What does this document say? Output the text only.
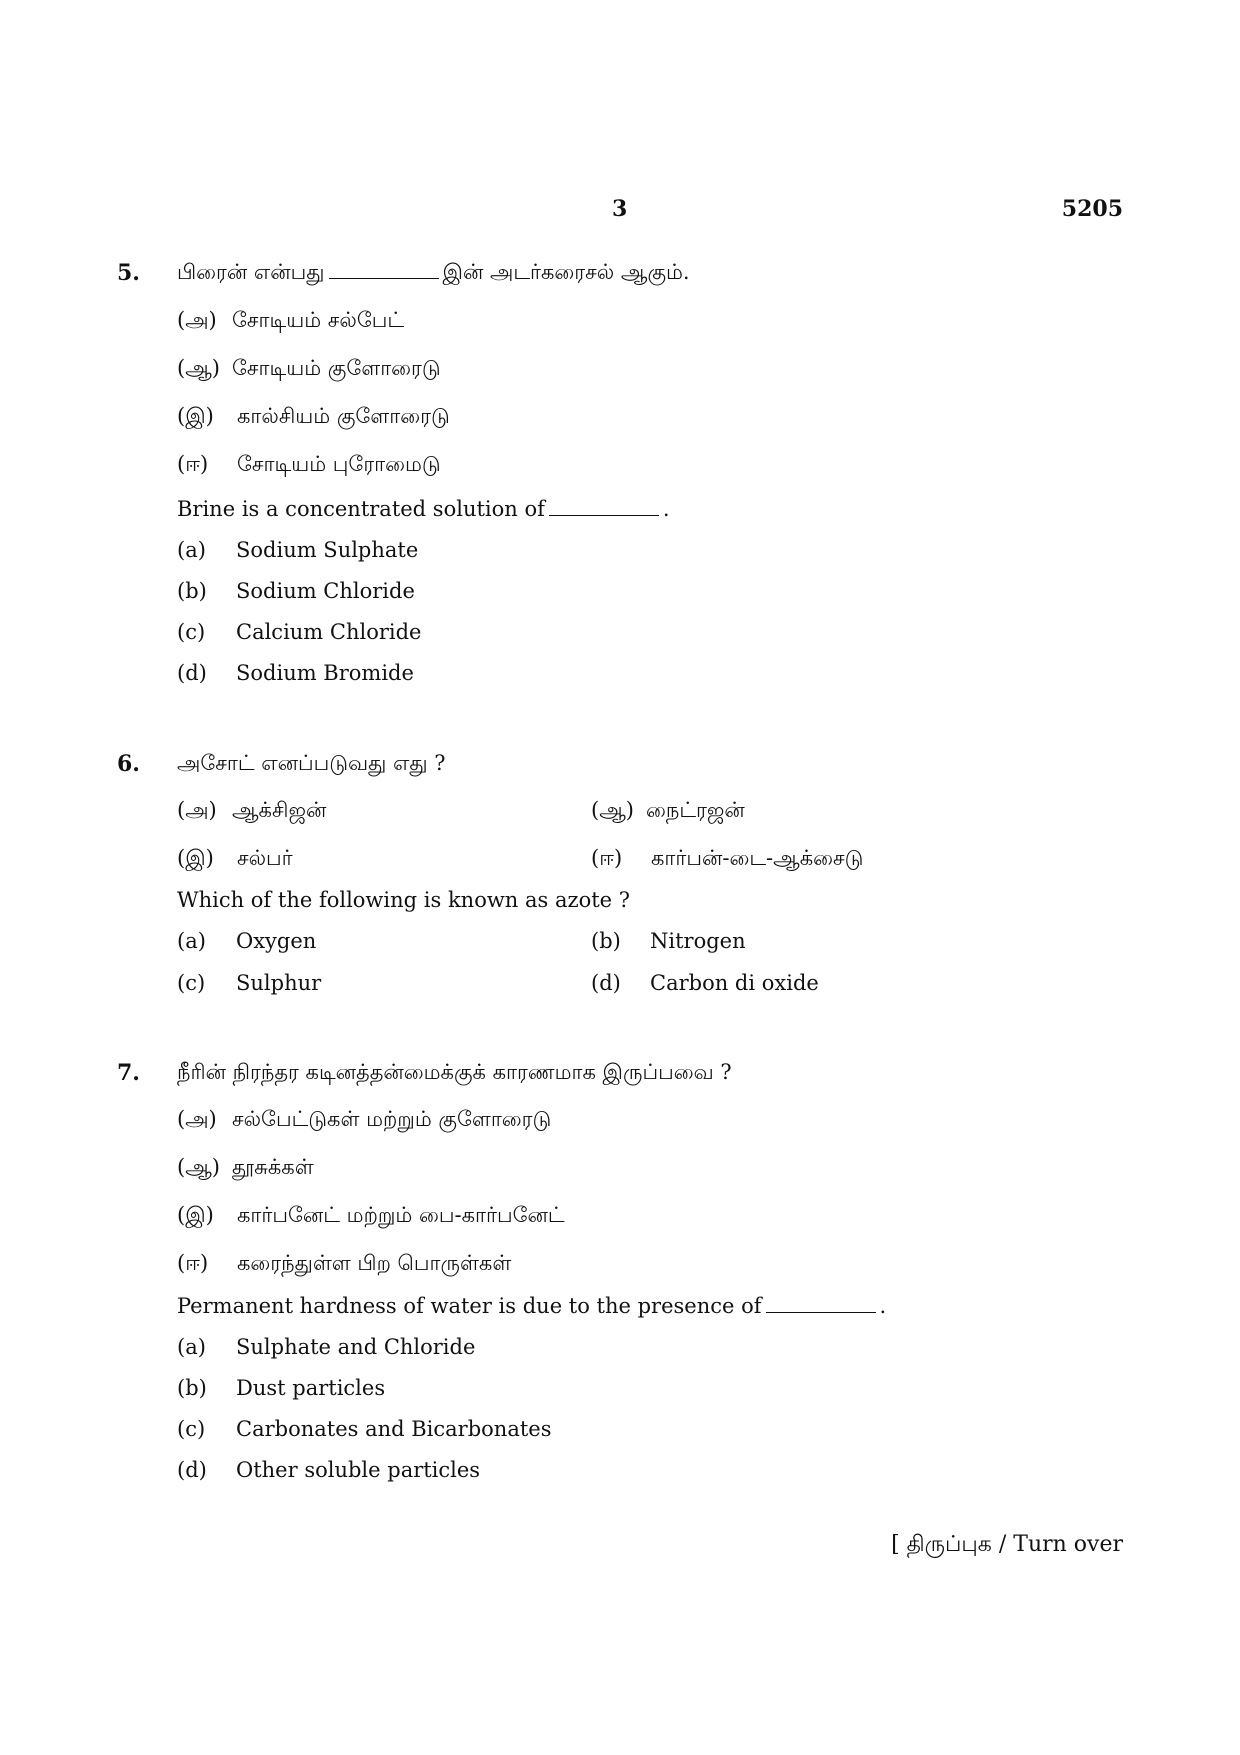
3	5205
5. பிரைன் என்பது	இன் அடர்கரைசல் ஆகும்.
(அ) சோடியம் சல்பேட்
(ஆ) சோடியம் குளோரைடு
(இ) கால்சியம் குளோரைடு
(ஈ) சோடியம் புரோமைடு
Brine is a concentrated solution of	.
(a) Sodium Sulphate
(b) Sodium Chloride
(c) Calcium Chloride
(d) Sodium Bromide
6. அசோட் எனப்படுவது எது ?
(அ) ஆக்சிஜன்	(ஆ) நைட்ரஜன்
(இ) சல்பர்	(ஈ) கார்பன்-டை-ஆக்சைடு
Which of the following is known as azote ?
(a) Oxygen	(b) Nitrogen
(c) Sulphur	(d) Carbon di oxide
7. நீரின் நிரந்தர கடினத்தன்மைக்குக் காரணமாக இருப்பவை ?
(அ) சல்பேட்டுகள் மற்றும் குளோரைடு
(ஆ) தூசுக்கள்
(இ) கார்பனேட் மற்றும் பை-கார்பனேட்
(ஈ) கரைந்துள்ள பிற பொருள்கள்
Permanent hardness of water is due to the presence of	.
(a) Sulphate and Chloride
(b) Dust particles
(c) Carbonates and Bicarbonates
(d) Other soluble particles
[ திருப்புக / Turn over
